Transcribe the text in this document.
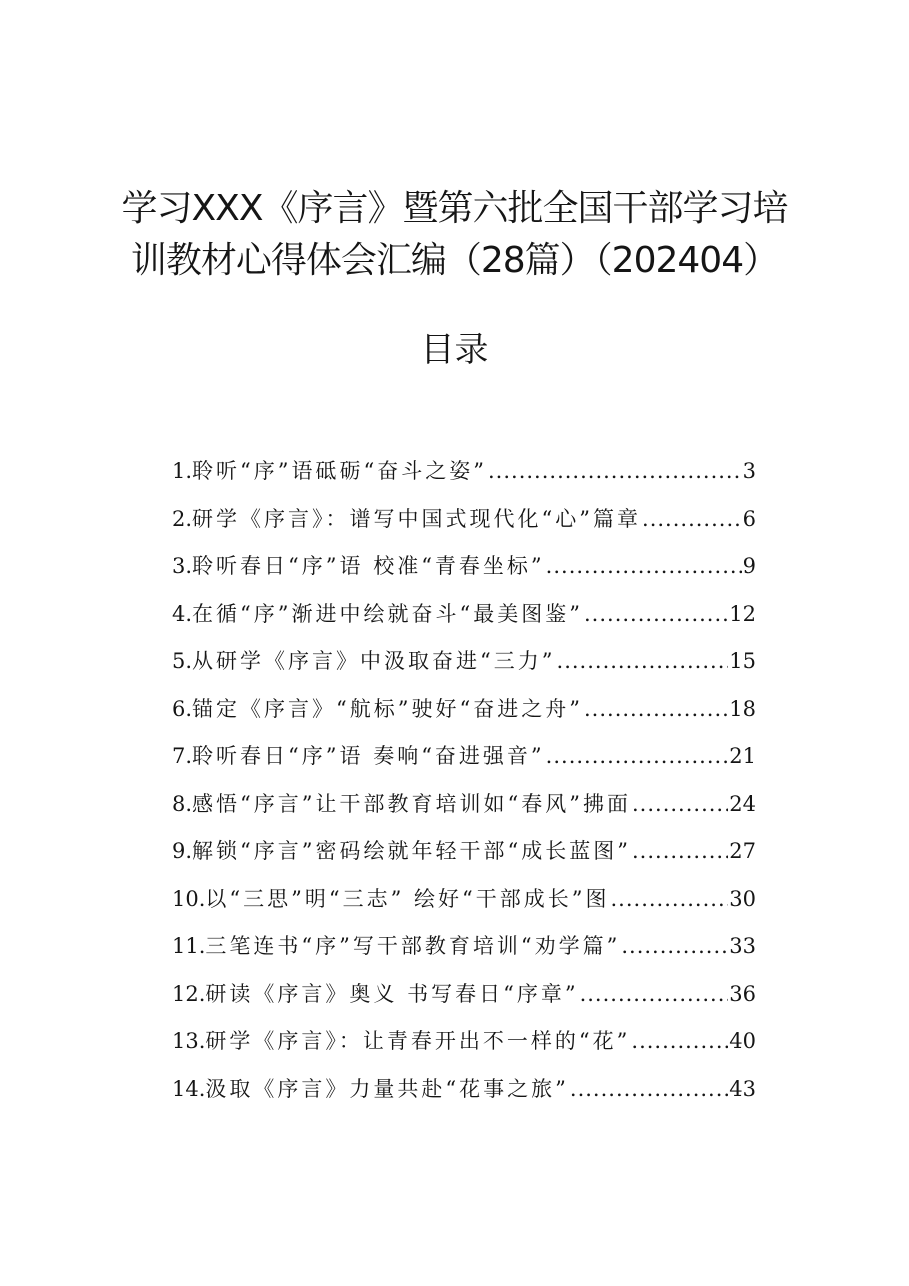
学习XXX《序言》暨第六批全国干部学习培
训教材心得体会汇编（28篇）（202404）
目录
1. 聆听“序”语砥砺“奋斗之姿” .....	3
2. 研学《序言》：谱写中国式现代化“心”篇章 .....	6
3. 聆听春日“序”语 校准“青春坐标” .....	9
4. 在循“序”渐进中绘就奋斗“最美图鉴” .....	12
5. 从研学《序言》中汲取奋进“三力” .....	15
6. 锚定《序言》“航标”驶好“奋进之舟” .....	18
7. 聆听春日“序”语 奏响“奋进强音” .....	21
8. 感悟“序言”让干部教育培训如“春风”拂面 .....	24
9. 解锁“序言”密码绘就年轻干部“成长蓝图” .....	27
10. 以“三思”明“三志” 绘好“干部成长”图 .....	30
11. 三笔连书“序”写干部教育培训“劝学篇” .....	33
12. 研读《序言》奥义 书写春日“序章” .....	36
13. 研学《序言》：让青春开出不一样的“花” .....	40
14. 汲取《序言》力量共赴“花事之旅” .....	43
